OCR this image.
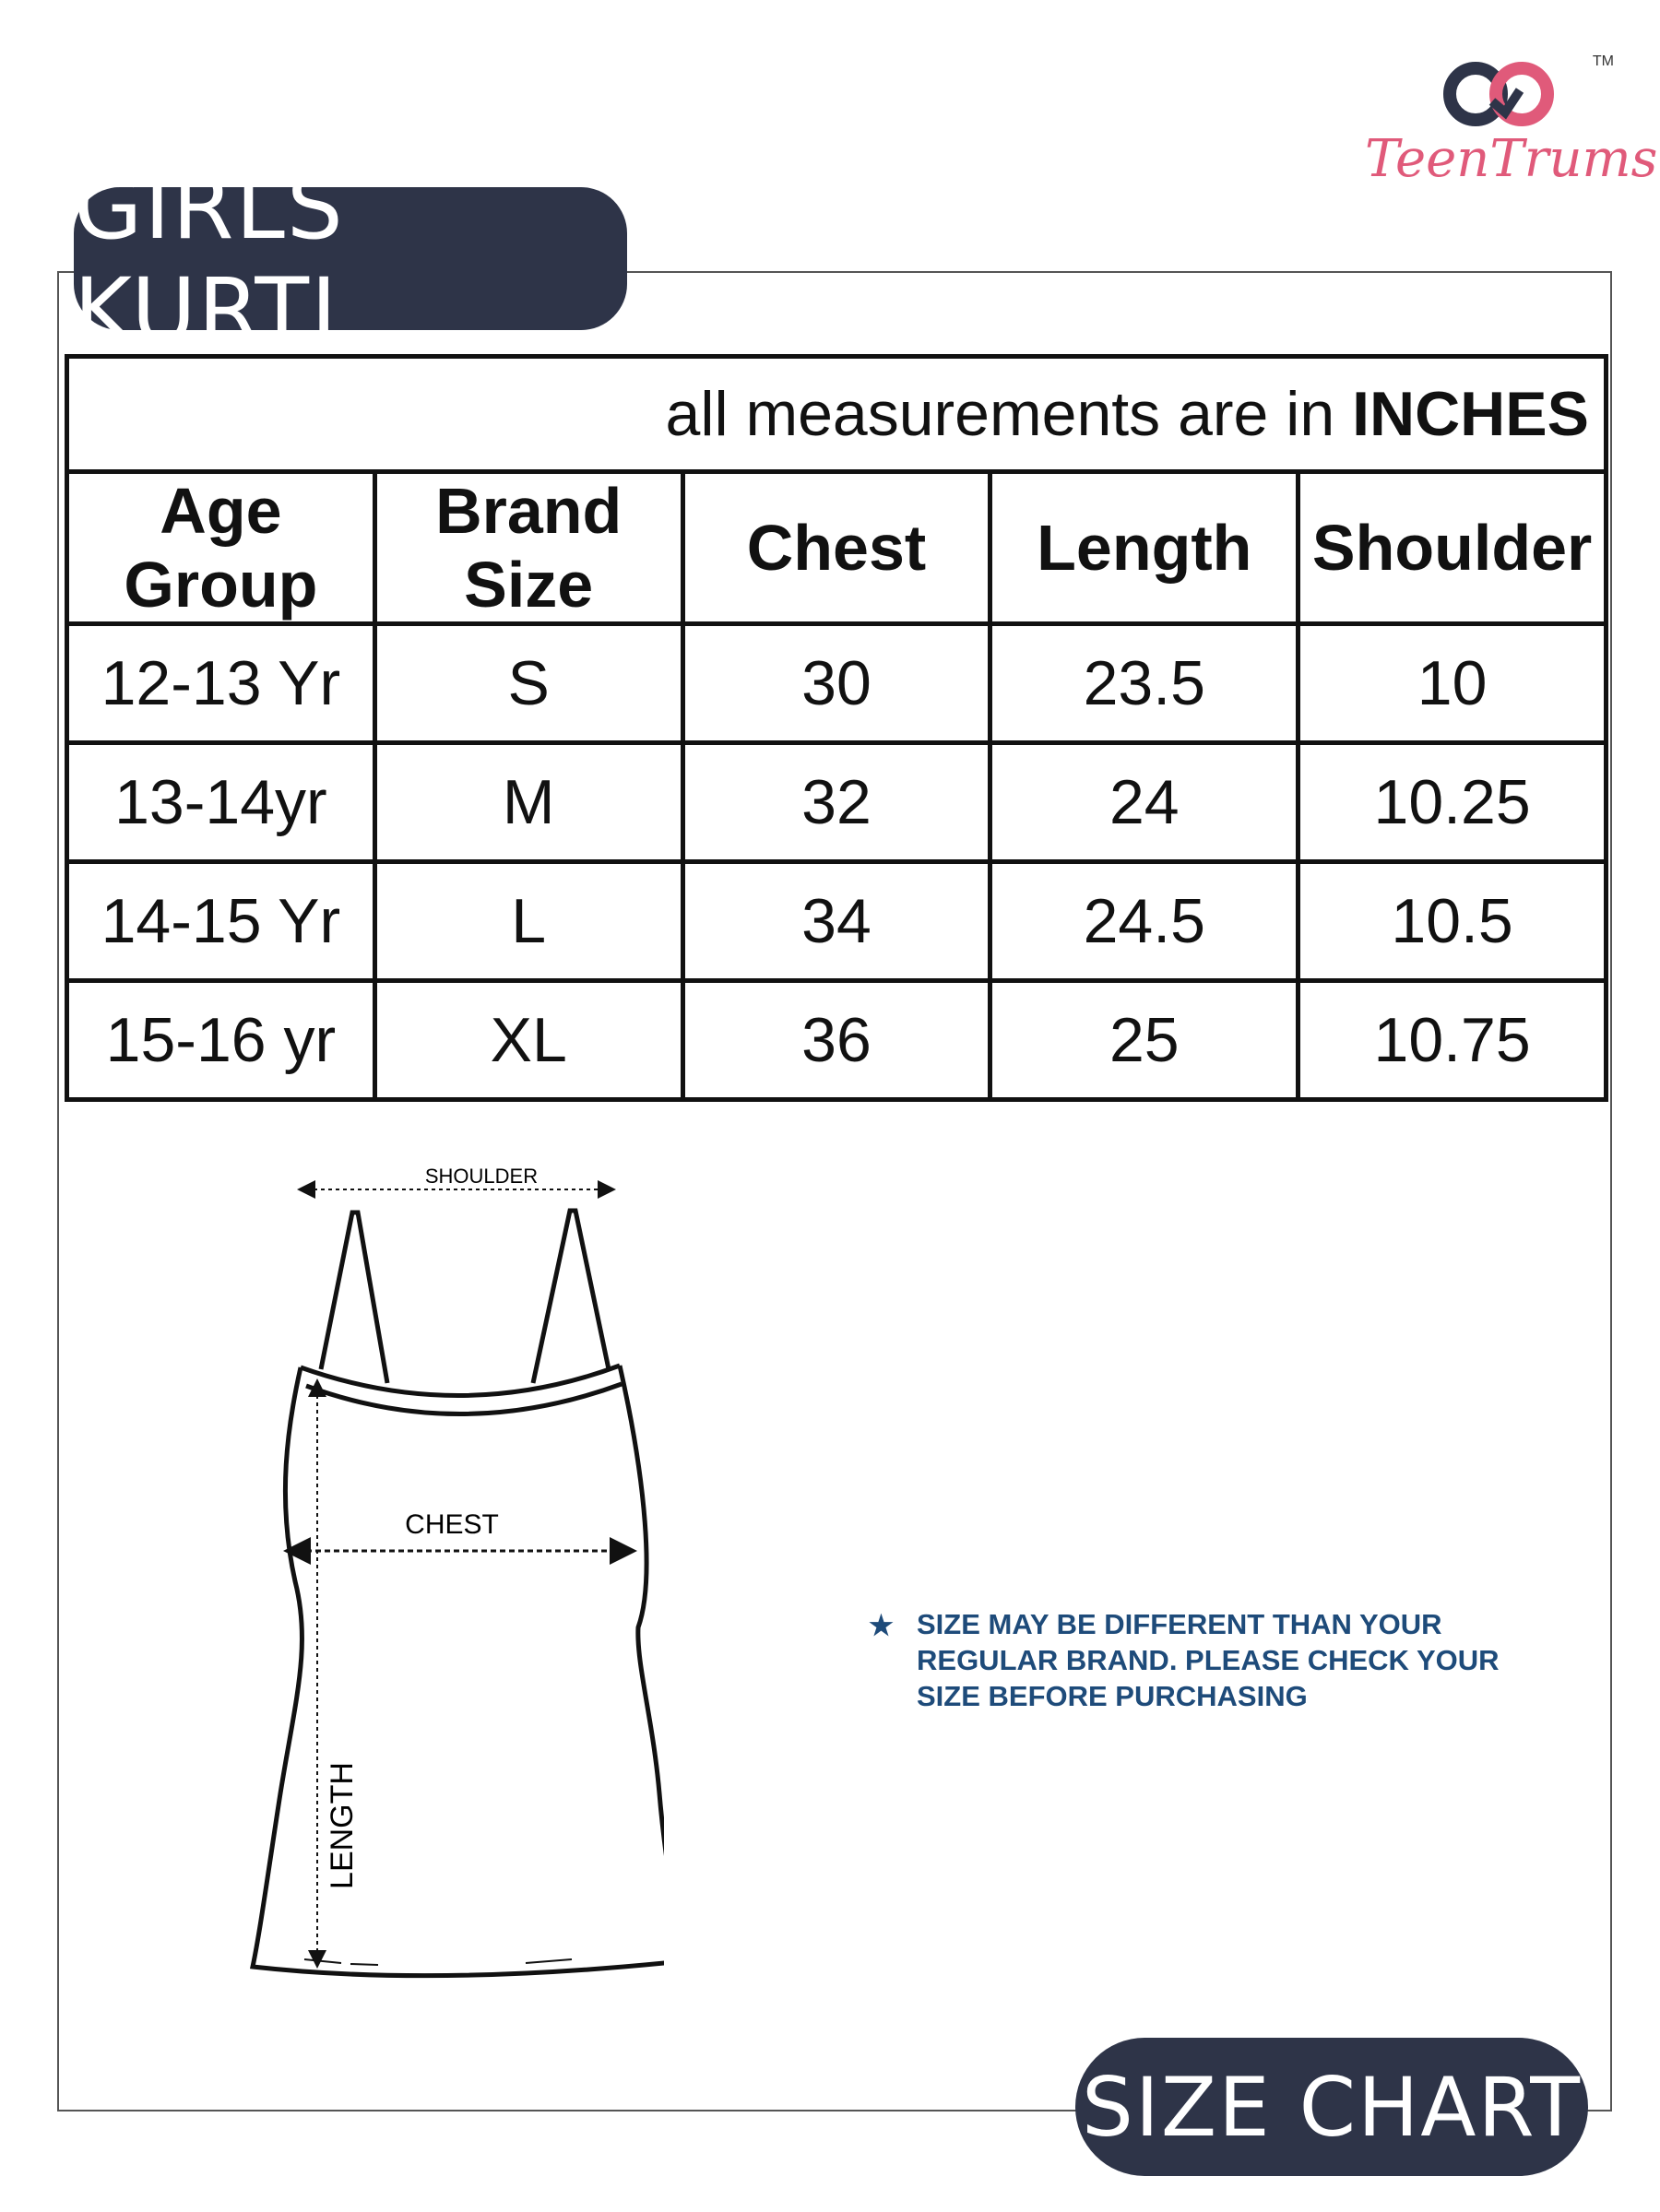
TM
TeenTrums
GIRLS KURTI
all measurements are in INCHES				
Age Group	Brand Size	Chest	Length	Shoulder
12-13 Yr	S	30	23.5	10
13-14yr	M	32	24	10.25
14-15 Yr	L	34	24.5	10.5
15-16 yr	XL	36	25	10.75
SHOULDER
CHEST
LENGTH
★ SIZE MAY BE DIFFERENT THAN YOUR REGULAR BRAND. PLEASE CHECK YOUR SIZE BEFORE PURCHASING
SIZE CHART
